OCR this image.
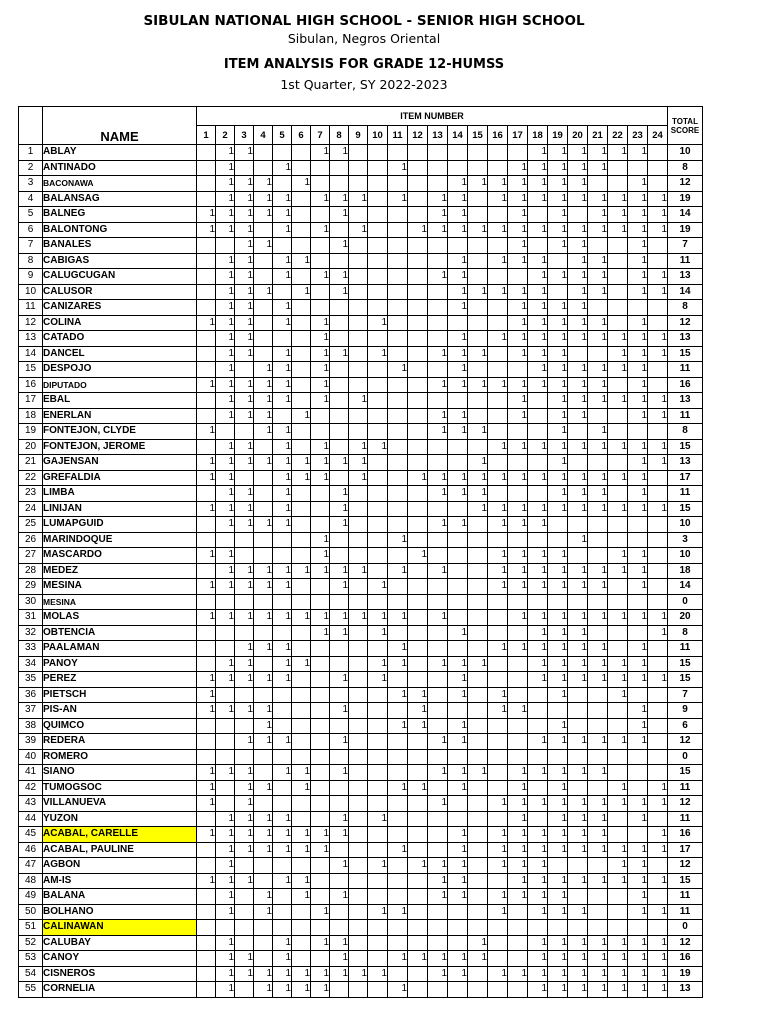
SIBULAN NATIONAL HIGH SCHOOL - SENIOR HIGH SCHOOL
Sibulan, Negros Oriental
ITEM ANALYSIS FOR GRADE 12-HUMSS
1st Quarter, SY 2022-2023
	NAME	ITEM NUMBER																								TOTAL
SCORE

		1	2	3	4	5	6	7	8	9	10	11	12	13	14	15	16	17	18	19	20	21	22	23	24	
1	ABLAY		1	1				1	1										1	1	1	1	1	1		10
2	ANTINADO		1			1						1						1	1	1	1	1				8
3	BACONAWA		1	1	1		1								1	1	1	1	1	1	1			1		12
4	BALANSAG		1	1	1	1		1	1	1		1		1	1		1	1	1	1	1	1	1	1	1	19
5	BALNEG	1	1	1	1	1			1					1	1			1		1		1	1	1	1	14
6	BALONTONG	1	1	1		1		1		1			1	1	1	1	1	1	1	1	1	1	1	1	1	19
7	BANALES			1	1				1									1		1	1			1		7
8	CABIGAS		1	1		1	1								1		1	1	1		1	1		1		11
9	CALUGCUGAN		1	1		1		1	1					1	1				1	1	1	1		1	1	13
10	CALUSOR		1	1	1		1		1						1	1	1	1	1		1	1		1	1	14
11	CANIZARES		1	1		1									1			1	1	1	1					8
12	COLINA	1	1	1		1		1			1							1	1	1	1	1		1		12
13	CATADO		1	1				1							1		1	1	1	1	1	1	1	1	1	13
14	DANCEL		1	1		1		1	1		1			1	1	1		1	1	1			1	1	1	15
15	DESPOJO		1		1	1		1				1			1				1	1	1	1	1	1		11
16	DIPUTADO	1	1	1	1	1		1						1	1	1	1	1	1	1	1	1		1		16
17	EBAL		1	1	1	1		1		1								1		1	1	1	1	1	1	13
18	ENERLAN		1	1	1		1							1	1			1		1	1			1	1	11
19	FONTEJON, CLYDE	1			1	1								1	1	1				1		1				8
20	FONTEJON, JEROME		1	1		1		1		1	1						1	1	1	1	1	1	1	1	1	15
21	GAJENSAN	1	1	1	1	1	1	1	1	1						1				1				1	1	13
22	GREFALDIA	1	1			1	1	1		1			1	1	1	1	1	1	1	1	1	1	1	1		17
23	LIMBA		1	1		1			1					1	1	1				1	1	1		1		11
24	LINIJAN	1	1	1		1			1							1	1	1	1	1	1	1	1	1	1	15
25	LUMAPGUID		1	1	1	1			1					1	1		1	1	1							10
26	MARINDOQUE							1				1									1					3
27	MASCARDO	1	1					1					1				1	1	1	1			1	1		10
28	MEDEZ		1	1	1	1	1	1	1	1		1		1			1	1	1	1	1	1	1	1		18
29	MESINA	1	1	1	1	1			1		1						1	1	1	1	1	1		1		14
30	MESINA																									0
31	MOLAS	1	1	1	1	1	1	1	1	1	1	1		1				1	1	1	1	1	1	1	1	20
32	OBTENCIA							1	1		1				1				1	1	1				1	8
33	PAALAMAN			1	1	1						1					1	1	1	1	1	1		1		11
34	PANOY		1	1		1	1				1	1		1	1	1			1	1	1	1	1	1		15
35	PEREZ	1	1	1	1	1			1		1				1				1	1	1	1	1	1	1	15
36	PIETSCH	1										1	1		1		1			1			1			7
37	PIS-AN	1	1	1	1				1				1				1	1						1		9
38	QUIMCO				1							1	1		1					1				1		6
39	REDERA			1	1	1			1					1	1				1	1	1	1	1	1		12
40	ROMERO																									0
41	SIANO	1	1	1		1	1		1					1	1	1		1	1	1	1	1				15
42	TUMOGSOC	1		1	1		1					1	1		1			1		1			1		1	11
43	VILLANUEVA	1		1										1			1	1	1	1	1	1	1	1	1	12
44	YUZON		1	1	1	1			1		1							1		1	1	1		1		11
45	ACABAL, CARELLE	1	1	1	1	1	1	1	1						1		1	1	1	1	1	1			1	16
46	ACABAL, PAULINE		1	1	1	1	1	1				1			1		1	1	1	1	1	1	1	1	1	17
47	AGBON		1						1		1		1	1	1		1	1	1				1	1		12
48	AM-IS	1	1	1		1	1							1	1			1	1	1	1	1	1	1	1	15
49	BALANA		1		1		1		1					1	1		1	1	1	1				1		11
50	BOLHANO		1		1			1			1	1					1		1	1	1			1	1	11
51	CALINAWAN																									0
52	CALUBAY		1			1		1	1							1			1	1	1	1	1	1	1	12
53	CANOY		1	1		1			1			1	1	1	1	1			1	1	1	1	1	1	1	16
54	CISNEROS		1	1	1	1	1	1	1	1	1			1	1		1	1	1	1	1	1	1	1	1	19
55	CORNELIA		1		1	1	1	1				1							1	1	1	1	1	1	1	13
